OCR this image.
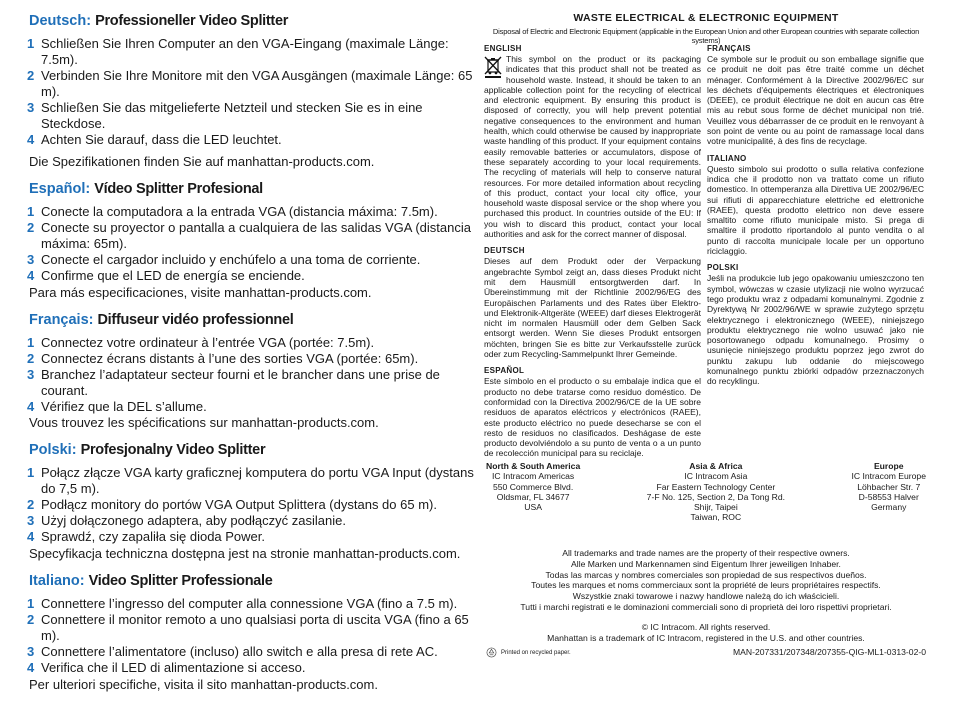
Deutsch: Professioneller Video Splitter
1 Schließen Sie Ihren Computer an den VGA-Eingang (maximale Länge: 7.5m).
2 Verbinden Sie Ihre Monitore mit den VGA Ausgängen (maximale Länge: 65 m).
3 Schließen Sie das mitgelieferte Netzteil und stecken Sie es in eine Steckdose.
4 Achten Sie darauf, dass die LED leuchtet.
Die Spezifikationen finden Sie auf manhattan-products.com.
Español: Vídeo Splitter Profesional
1 Conecte la computadora a la entrada VGA (distancia máxima: 7.5m).
2 Conecte su proyector o pantalla a cualquiera de las salidas VGA (distancia máxima: 65m).
3 Conecte el cargador incluido y enchúfelo a una toma de corriente.
4 Confirme que el LED de energía se enciende.
Para más especificaciones, visite manhattan-products.com.
Français: Diffuseur vidéo professionnel
1 Connectez votre ordinateur à l’entrée VGA (portée: 7.5m).
2 Connectez écrans distants à l’une des sorties VGA (portée: 65m).
3 Branchez l’adaptateur secteur fourni et le brancher dans une prise de courant.
4 Vérifiez que la DEL s’allume.
Vous trouvez les spécifications sur manhattan-products.com.
Polski: Profesjonalny Video Splitter
1 Połącz złącze VGA karty graficznej komputera do portu VGA Input (dystans do 7,5 m).
2 Podłącz monitory do portów VGA Output Splittera (dystans do 65 m).
3 Użyj dołączonego adaptera, aby podłączyć zasilanie.
4 Sprawdź, czy zapaliła się dioda Power.
Specyfikacja techniczna dostępna jest na stronie manhattan-products.com.
Italiano: Video Splitter Professionale
1 Connettere l’ingresso del computer alla connessione VGA (fino a 7.5 m).
2 Connettere il monitor remoto a uno qualsiasi porta di uscita VGA (fino a 65 m).
3 Connettere l’alimentatore (incluso) allo switch e alla presa di rete AC.
4 Verifica che il LED di alimentazione si acceso.
Per ulteriori specifiche, visita il sito manhattan-products.com.
WASTE ELECTRICAL & ELECTRONIC EQUIPMENT
Disposal of Electric and Electronic Equipment (applicable in the European Union and other European countries with separate collection systems)
ENGLISH
This symbol on the product or its packaging indicates that this product shall not be treated as household waste. Instead, it should be taken to an applicable collection point for the recycling of electrical and electronic equipment. By ensuring this product is disposed of correctly, you will help prevent potential negative consequences to the environment and human health, which could otherwise be caused by inappropriate waste handling of this product. If your equipment contains easily removable batteries or accumulators, dispose of these separately according to your local requirements. The recycling of materials will help to conserve natural resources. For more detailed information about recycling of this product, contact your local city office, your household waste disposal service or the shop where you purchased this product. In countries outside of the EU: If you wish to discard this product, contact your local authorities and ask for the correct manner of disposal.
DEUTSCH
Dieses auf dem Produkt oder der Verpackung angebrachte Symbol zeigt an, dass dieses Produkt nicht mit dem Hausmüll entsorgtwerden darf. In Übereinstimmung mit der Richtlinie 2002/96/EG des Europäischen Parlaments und des Rates über Elektro- und Elektronik-Altgeräte (WEEE) darf dieses Elektrogerät nicht im normalen Hausmüll oder dem Gelben Sack entsorgt werden. Wenn Sie dieses Produkt entsorgen möchten, bringen Sie es bitte zur Verkaufsstelle zurück oder zum Recycling-Sammelpunkt Ihrer Gemeinde.
ESPAÑOL
Este símbolo en el producto o su embalaje indica que el producto no debe tratarse como residuo doméstico. De conformidad con la Directiva 2002/96/CE de la UE sobre residuos de aparatos eléctricos y electrónicos (RAEE), este producto eléctrico no puede desecharse se con el resto de residuos no clasificados. Deshágase de este producto devolviéndolo a su punto de venta o a un punto de recolección municipal para su reciclaje.
FRANÇAIS
Ce symbole sur le produit ou son emballage signifie que ce produit ne doit pas être traité comme un déchet ménager. Conformément à la Directive 2002/96/EC sur les déchets d’équipements électriques et électroniques (DEEE), ce produit électrique ne doit en aucun cas être mis au rebut sous forme de déchet municipal non trié. Veuillez vous débarrasser de ce produit en le renvoyant à son point de vente ou au point de ramassage local dans votre municipalité, à des fins de recyclage.
ITALIANO
Questo simbolo sui prodotto o sulla relativa confezione indica che il prodotto non va trattato come un rifiuto domestico. In ottemperanza alla Direttiva UE 2002/96/EC sui rifiuti di apparecchiature elettriche ed elettroniche (RAEE), questa prodotto elettrico non deve essere smaltito come rifiuto municipale misto. Si prega di smaltire il prodotto riportandolo al punto vendita o al punto di raccolta municipale locale per un opportuno riciclaggio.
POLSKI
Jeśli na produkcie lub jego opakowaniu umieszczono ten symbol, wówczas w czasie utylizacji nie wolno wyrzucać tego produktu wraz z odpadami komunalnymi. Zgodnie z Dyrektywą Nr 2002/96/WE w sprawie zużytego sprzętu elektrycznego i elektronicznego (WEEE), niniejszego produktu elektrycznego nie wolno usuwać jako nie posortowanego odpadu komunalnego. Prosimy o usunięcie niniejszego produktu poprzez jego zwrot do punktu zakupu lub oddanie do miejscowego komunalnego punktu zbiórki odpadów przeznaczonych do recyklingu.
North & South America
IC Intracom Americas
550 Commerce Blvd.
Oldsmar, FL 34677
USA
Asia & Africa
IC Intracom Asia
Far Eastern Technology Center
7-F No. 125, Section 2, Da Tong Rd.
Shijr, Taipei
Taiwan, ROC
Europe
IC Intracom Europe
Löhbacher Str. 7
D-58553 Halver
Germany
All trademarks and trade names are the property of their respective owners.
Alle Marken und Markennamen sind Eigentum Ihrer jeweiligen Inhaber.
Todas las marcas y nombres comerciales son propiedad de sus respectivos dueños.
Toutes les marques et noms commerciaux sont la propriété de leurs propriétaires respectifs.
Wszystkie znaki towarowe i nazwy handlowe należą do ich właścicieli.
Tutti i marchi registrati e le dominazioni commerciali sono di proprietà dei loro rispettivi proprietari.
© IC Intracom. All rights reserved.
Manhattan is a trademark of IC Intracom, registered in the U.S. and other countries.
Printed on recycled paper.	MAN-207331/207348/207355-QIG-ML1-0313-02-0
